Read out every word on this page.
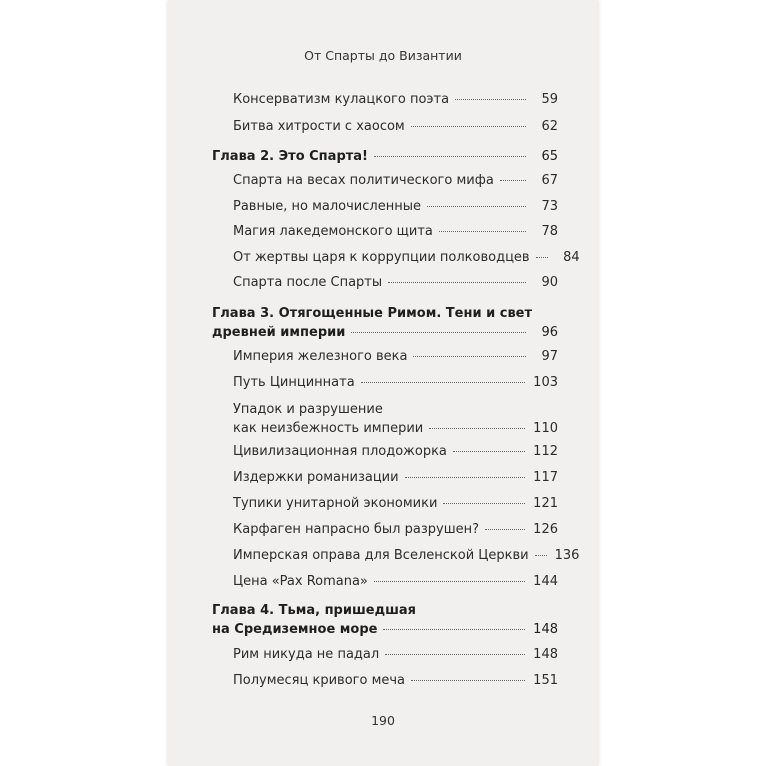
От Спарты до Византии
Консерватизм кулацкого поэта	59
Битва хитрости с хаосом	62
Глава 2. Это Спарта!	65
Спарта на весах политического мифа	67
Равные, но малочисленные	73
Магия лакедемонского щита	78
От жертвы царя к коррупции полководцев	84
Спарта после Спарты	90
Глава 3. Отягощенные Римом. Тени и свет
древней империи	96
Империя железного века	97
Путь Цинцинната	103
Упадок и разрушение
как неизбежность империи	110
Цивилизационная плодожорка	112
Издержки романизации	117
Тупики унитарной экономики	121
Карфаген напрасно был разрушен?	126
Имперская оправа для Вселенской Церкви 136
Цена «Pax Romana»	144
Глава 4. Тьма, пришедшая
на Средиземное море	148
Рим никуда не падал	148
Полумесяц кривого меча	151
190
